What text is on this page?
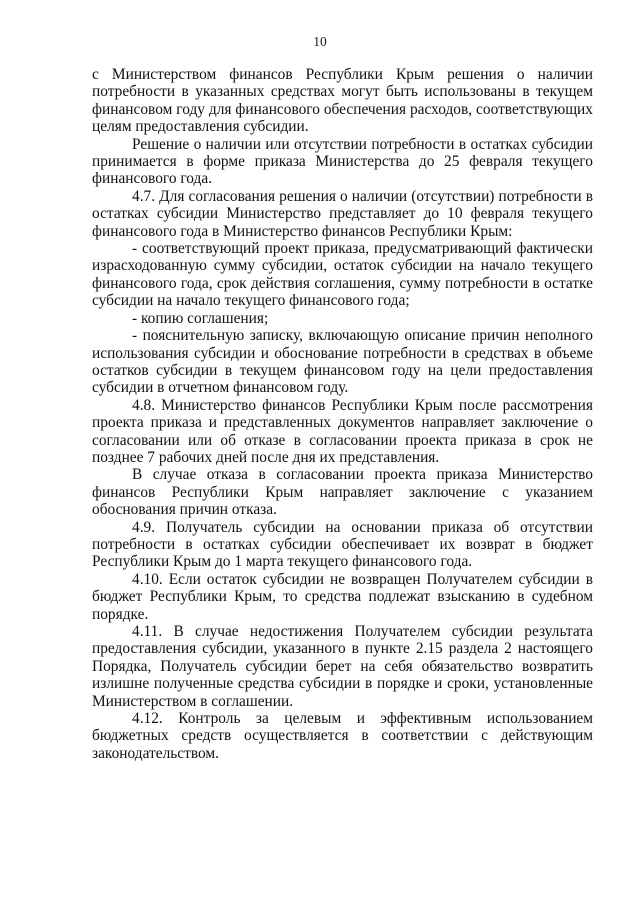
10

с Министерством финансов Республики Крым решения о наличии потребности в указанных средствах могут быть использованы в текущем финансовом году для финансового обеспечения расходов, соответствующих целям предоставления субсидии.

Решение о наличии или отсутствии потребности в остатках субсидии принимается в форме приказа Министерства до 25 февраля текущего финансового года.

4.7. Для согласования решения о наличии (отсутствии) потребности в остатках субсидии Министерство представляет до 10 февраля текущего финансового года в Министерство финансов Республики Крым:

- соответствующий проект приказа, предусматривающий фактически израсходованную сумму субсидии, остаток субсидии на начало текущего финансового года, срок действия соглашения, сумму потребности в остатке субсидии на начало текущего финансового года;

- копию соглашения;

- пояснительную записку, включающую описание причин неполного использования субсидии и обоснование потребности в средствах в объеме остатков субсидии в текущем финансовом году на цели предоставления субсидии в отчетном финансовом году.

4.8. Министерство финансов Республики Крым после рассмотрения проекта приказа и представленных документов направляет заключение о согласовании или об отказе в согласовании проекта приказа в срок не позднее 7 рабочих дней после дня их представления.

В случае отказа в согласовании проекта приказа Министерство финансов Республики Крым направляет заключение с указанием обоснования причин отказа.

4.9. Получатель субсидии на основании приказа об отсутствии потребности в остатках субсидии обеспечивает их возврат в бюджет Республики Крым до 1 марта текущего финансового года.

4.10. Если остаток субсидии не возвращен Получателем субсидии в бюджет Республики Крым, то средства подлежат взысканию в судебном порядке.

4.11. В случае недостижения Получателем субсидии результата предоставления субсидии, указанного в пункте 2.15 раздела 2 настоящего Порядка, Получатель субсидии берет на себя обязательство возвратить излишне полученные средства субсидии в порядке и сроки, установленные Министерством в соглашении.

4.12. Контроль за целевым и эффективным использованием бюджетных средств осуществляется в соответствии с действующим законодательством.
